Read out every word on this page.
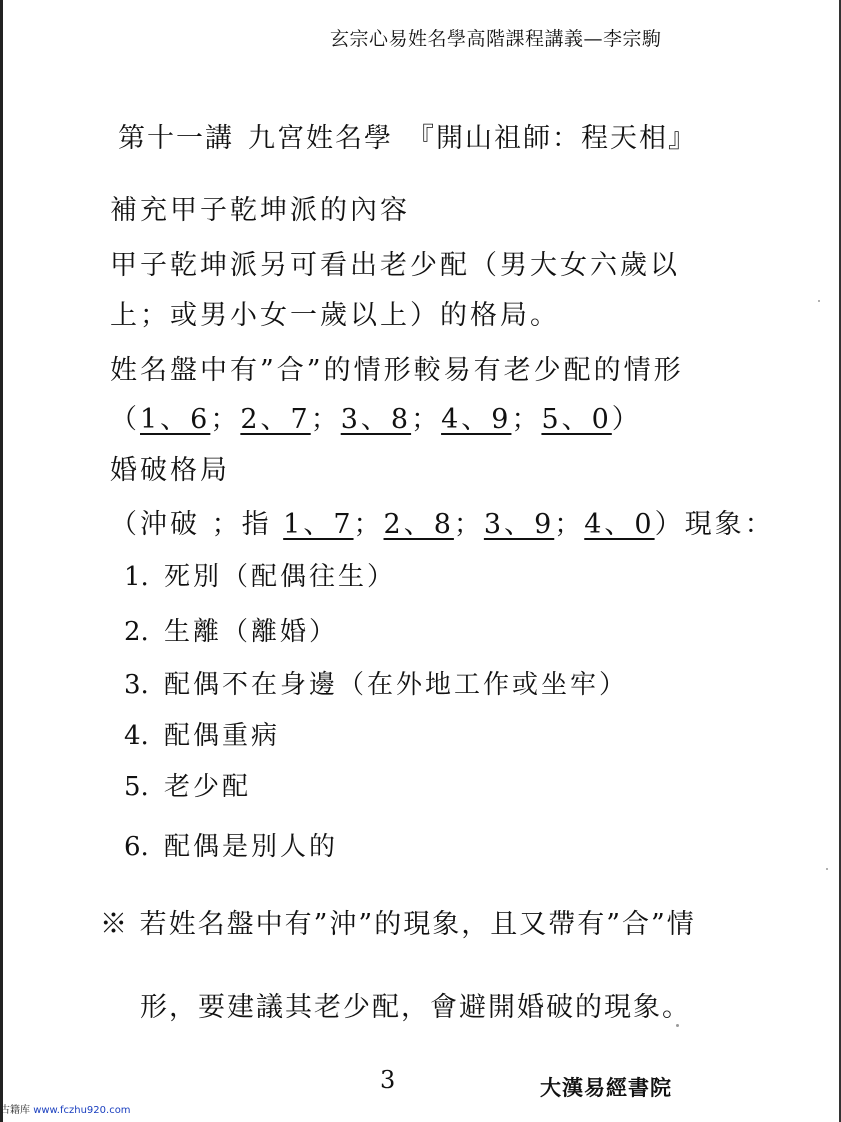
玄宗心易姓名學高階課程講義—李宗駒
第十一講 九宮姓名學 『開山祖師：程天相』
補充甲子乾坤派的內容
甲子乾坤派另可看出老少配（男大女六歲以
上；或男小女一歲以上）的格局。
姓名盤中有”合”的情形較易有老少配的情形
（1、6；2、7；3、8；4、9；5、0）
婚破格局
（沖破 ；指 1、7；2、8；3、9；4、0）現象：
1. 死別（配偶往生）
2. 生離（離婚）
3. 配偶不在身邊（在外地工作或坐牢）
4. 配偶重病
5. 老少配
6. 配偶是別人的
※ 若姓名盤中有”沖”的現象，且又帶有”合”情
形，要建議其老少配，會避開婚破的現象。
3	大漢易經書院
古籍库 www.fczhu920.com
